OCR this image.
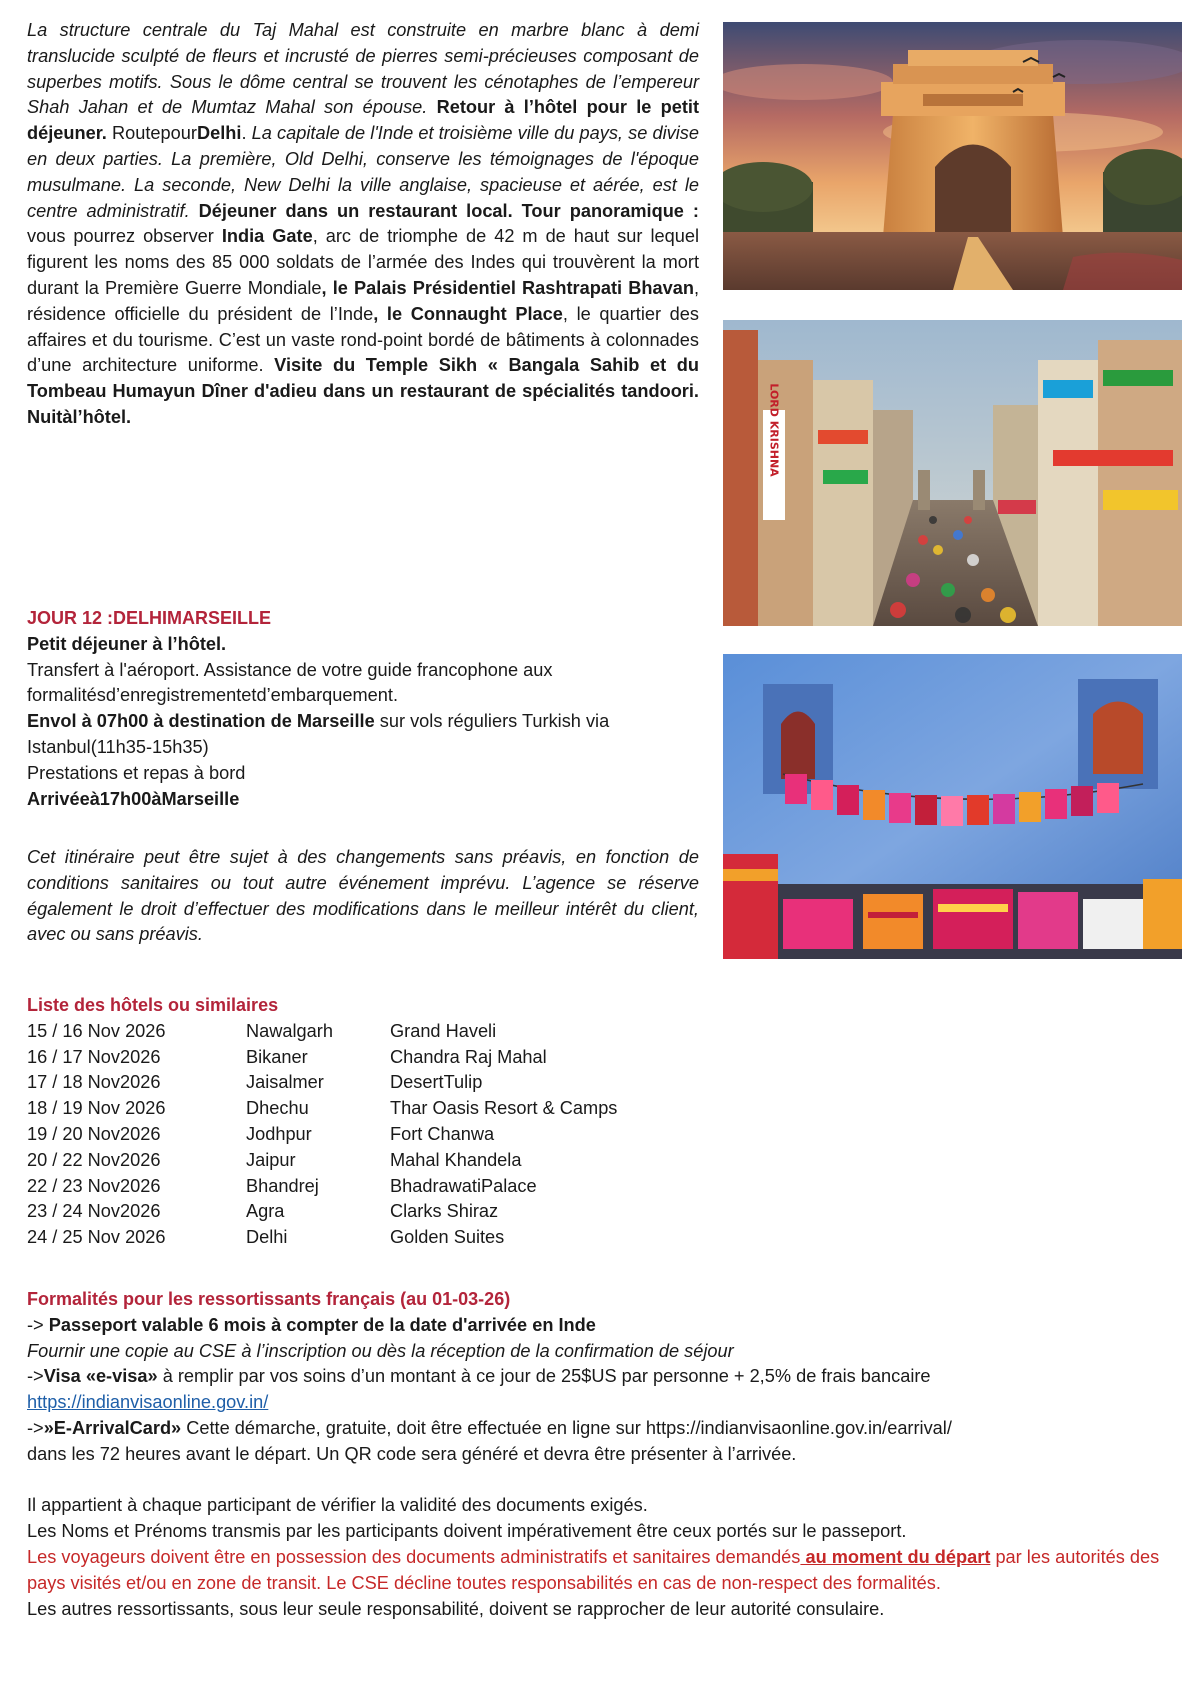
La structure centrale du Taj Mahal est construite en marbre blanc à demi translucide sculpté de fleurs et incrusté de pierres semi-précieuses composant de superbes motifs. Sous le dôme central se trouvent les cénotaphes de l’empereur Shah Jahan et de Mumtaz Mahal son épouse. Retour à l’hôtel pour le petit déjeuner. RoutepourDelhi. La capitale de l'Inde et troisième ville du pays, se divise en deux parties. La première, Old Delhi, conserve les témoignages de l'époque musulmane. La seconde, New Delhi la ville anglaise, spacieuse et aérée, est le centre administratif. Déjeuner dans un restaurant local. Tour panoramique : vous pourrez observer India Gate, arc de triomphe de 42 m de haut sur lequel figurent les noms des 85 000 soldats de l’armée des Indes qui trouvèrent la mort durant la Première Guerre Mondiale, le Palais Présidentiel Rashtrapati Bhavan, résidence officielle du président de l’Inde, le Connaught Place, le quartier des affaires et du tourisme. C’est un vaste rond-point bordé de bâtiments à colonnades d’une architecture uniforme. Visite du Temple Sikh « Bangala Sahib et du Tombeau Humayun Dîner d'adieu dans un restaurant de spécialités tandoori. Nuitàl’hôtel.	LORD KRISHNA
JOUR 12 :DELHIMARSEILLE
Petit déjeuner à l’hôtel.
Transfert à l'aéroport. Assistance de votre guide francophone aux formalitésd’enregistrementetd’embarquement.
Envol à 07h00 à destination de Marseille sur vols réguliers Turkish via Istanbul(11h35-15h35)
Prestations et repas à bord
Arrivéeà17h00àMarseille
Cet itinéraire peut être sujet à des changements sans préavis, en fonction de conditions sanitaires ou tout autre événement imprévu. L’agence se réserve également le droit d’effectuer des modifications dans le meilleur intérêt du client, avec ou sans préavis.
Liste des hôtels ou similaires
15 / 16 Nov 2026	Nawalgarh	Grand Haveli
16 / 17 Nov2026	Bikaner	Chandra Raj Mahal
17 / 18 Nov2026	Jaisalmer	DesertTulip
18 / 19 Nov 2026	Dhechu	Thar Oasis Resort & Camps
19 / 20 Nov2026	Jodhpur	Fort Chanwa
20 / 22 Nov2026	Jaipur	Mahal Khandela
22 / 23 Nov2026	Bhandrej	BhadrawatiPalace
23 / 24 Nov2026	Agra	Clarks Shiraz
24 / 25 Nov 2026	Delhi	Golden Suites
Formalités pour les ressortissants français (au 01-03-26)
-> Passeport valable 6 mois à compter de la date d'arrivée en Inde
Fournir une copie au CSE à l’inscription ou dès la réception de la confirmation de séjour
->Visa «e-visa» à remplir par vos soins d’un montant à ce jour de 25$US par personne + 2,5% de frais bancaire
https://indianvisaonline.gov.in/
->»E-ArrivalCard» Cette démarche, gratuite, doit être effectuée en ligne sur https://indianvisaonline.gov.in/earrival/
dans les 72 heures avant le départ. Un QR code sera généré et devra être présenter à l’arrivée.
Il appartient à chaque participant de vérifier la validité des documents exigés.
Les Noms et Prénoms transmis par les participants doivent impérativement être ceux portés sur le passeport.
Les voyageurs doivent être en possession des documents administratifs et sanitaires demandés au moment du départ par les autorités des pays visités et/ou en zone de transit. Le CSE décline toutes responsabilités en cas de non-respect des formalités.
Les autres ressortissants, sous leur seule responsabilité, doivent se rapprocher de leur autorité consulaire.
